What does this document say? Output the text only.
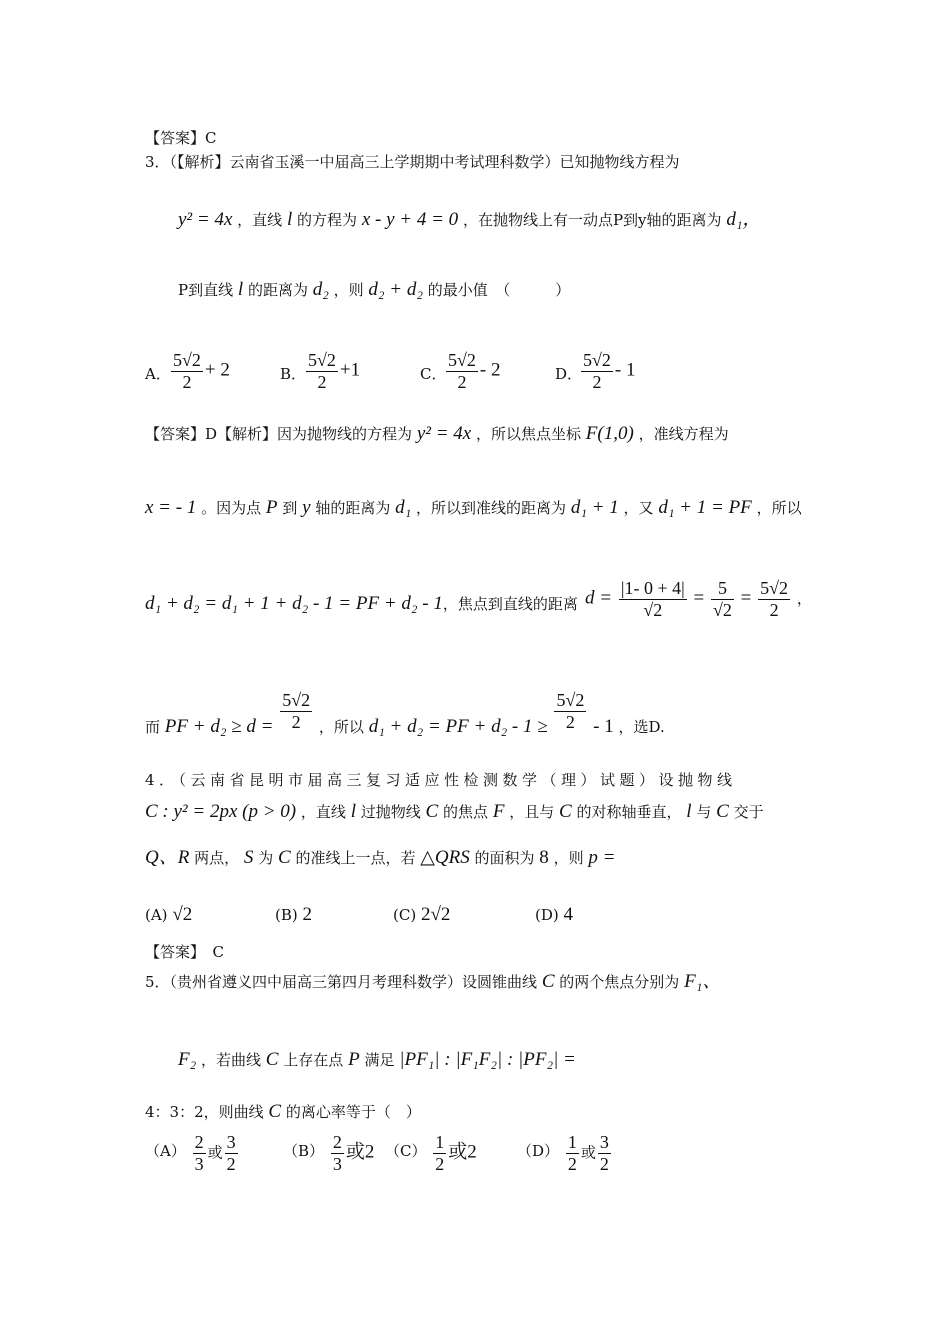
【答案】C
3．（【解析】云南省玉溪一中届高三上学期期中考试理科数学）已知抛物线方程为
y² = 4x ，直线 l 的方程为 x - y + 4 = 0 ，在抛物线上有一动点P到y轴的距离为 d₁，
P到直线 l 的距离为 d₂ ，则 d₂ + d₂ 的最小值　（　　　）
A． $\frac{5√2}{2} + 2$	B． $\frac{5√2}{2} +1$	C． $\frac{5√2}{2} - 2$	D．
$\frac{5√2}{2} - 1$
【答案】D【解析】因为抛物线的方程为 y² = 4x ，所以焦点坐标 F(1,0) ，准线方程为
x = - 1 。因为点 P 到 y 轴的距离为 d₁ ，所以到准线的距离为 d₁ + 1 ，又 d₁ + 1 = PF ，所以
d₁ + d₂ = d₁ + 1 + d₂ - 1 = PF + d₂ - 1，焦点到直线的距离 $d = \frac{|1- 0 + 4|}{√2} = \frac{5}{√2} = \frac{5√2}{2}$ ，
而 PF + $d_2 \ge d = \frac{5√2}{2}$ ，所以 d₁ + d₂ = PF + $d_2 - 1 \ge \frac{5√2}{2} - 1$ ，选D.
4．（云南省昆明市届高三复习适应性检测数学（理）试题）设抛物线
C : y² = 2px (p > 0) ，直线 l 过抛物线 C 的焦点 F ，且与 C 的对称轴垂直， l 与 C 交于
Q、R 两点， S 为 C 的准线上一点，若 △QRS 的面积为 8 ，则 p =
(A) √2	(B) 2	(C) 2√2	(D) 4
【答案】　C
5．（贵州省遵义四中届高三第四月考理科数学）设圆锥曲线 C 的两个焦点分别为 F₁、
F₂ ，若曲线 C 上存在点 P 满足 |PF₁| : |F₁F₂| : |PF₂| =
4：3：2，则曲线 C 的离心率等于（　）
$(A) \frac{2}{3}$ 或 $\frac{3}{2}$	$(B) \frac{2}{3}$ 或2 $(C) \frac{1}{2}$ 或2	$(D) \frac{1}{2}$ 或 $\frac{3}{2}$
